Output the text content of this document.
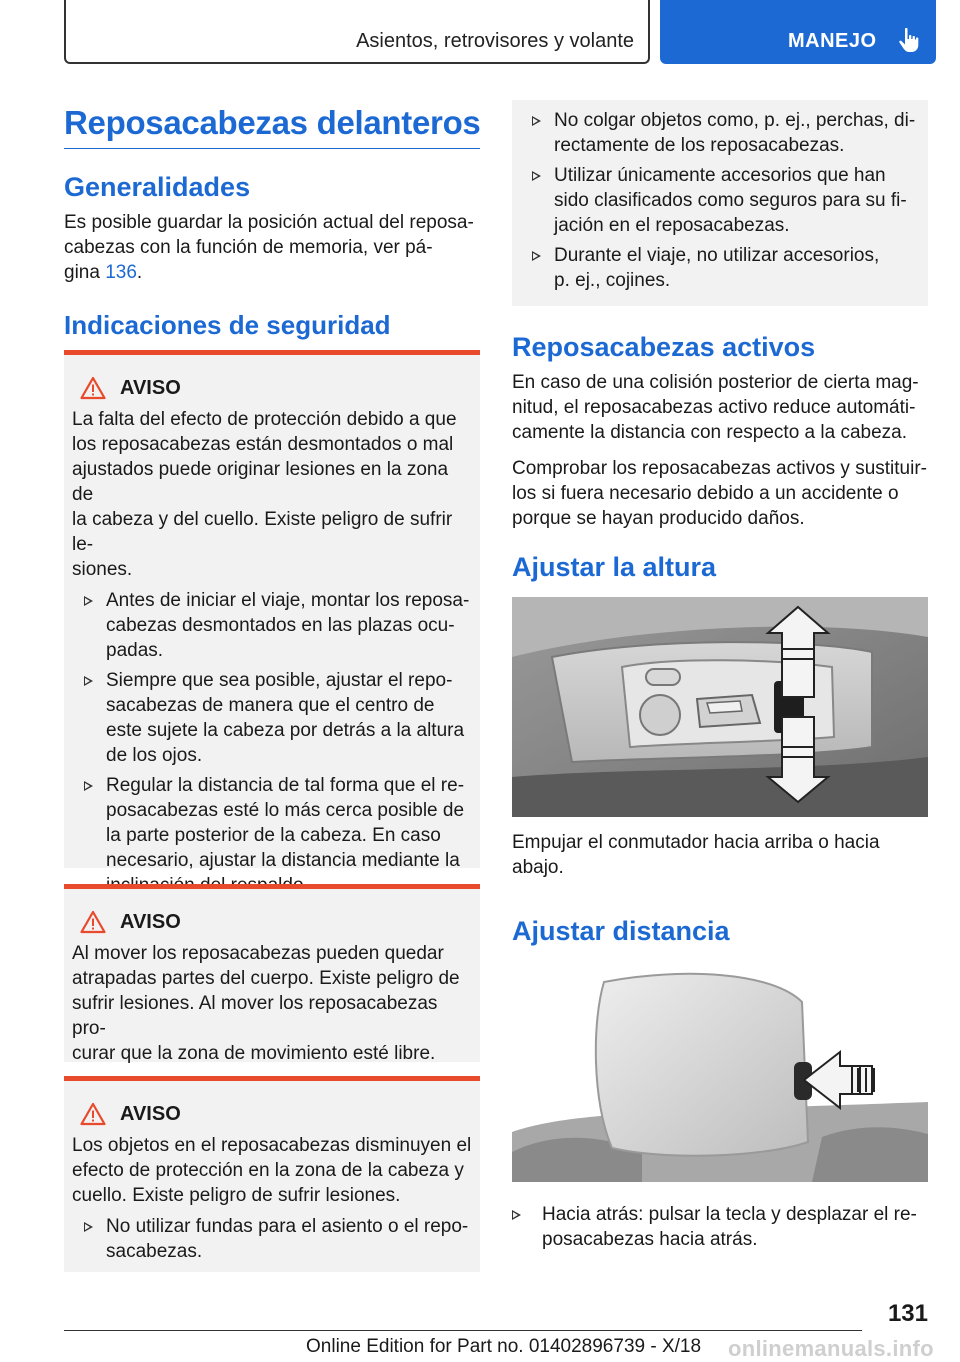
Asientos, retrovisores y volante	MANEJO
Reposacabezas delanteros
Generalidades
Es posible guardar la posición actual del reposa-
cabezas con la función de memoria, ver pá-
gina 136.
Indicaciones de seguridad
AVISO
La falta del efecto de protección debido a que
los reposacabezas están desmontados o mal
ajustados puede originar lesiones en la zona de
la cabeza y del cuello. Existe peligro de sufrir le-
siones.
Antes de iniciar el viaje, montar los reposa-
cabezas desmontados en las plazas ocu-
padas.
Siempre que sea posible, ajustar el repo-
sacabezas de manera que el centro de
este sujete la cabeza por detrás a la altura
de los ojos.
Regular la distancia de tal forma que el re-
posacabezas esté lo más cerca posible de
la parte posterior de la cabeza. En caso
necesario, ajustar la distancia mediante la
AVISO
Al mover los reposacabezas pueden quedar
atrapadas partes del cuerpo. Existe peligro de
sufrir lesiones. Al mover los reposacabezas pro-
curar que la zona de movimiento esté libre.
AVISO
Los objetos en el reposacabezas disminuyen el
efecto de protección en la zona de la cabeza y
cuello. Existe peligro de sufrir lesiones.
No utilizar fundas para el asiento o el repo-
sacabezas.
No colgar objetos como, p. ej., perchas, di-
rectamente de los reposacabezas.
Utilizar únicamente accesorios que han
sido clasificados como seguros para su fi-
jación en el reposacabezas.
Durante el viaje, no utilizar accesorios,
p. ej., cojines.
Reposacabezas activos
En caso de una colisión posterior de cierta mag-
nitud, el reposacabezas activo reduce automáti-
camente la distancia con respecto a la cabeza.
Comprobar los reposacabezas activos y sustituir-
los si fuera necesario debido a un accidente o
porque se hayan producido daños.
Ajustar la altura
Empujar el conmutador hacia arriba o hacia
abajo.
Ajustar distancia
Hacia atrás: pulsar la tecla y desplazar el re-
posacabezas hacia atrás.
131
Online Edition for Part no. 01402896739 - X/18 onlinemanuals.info
